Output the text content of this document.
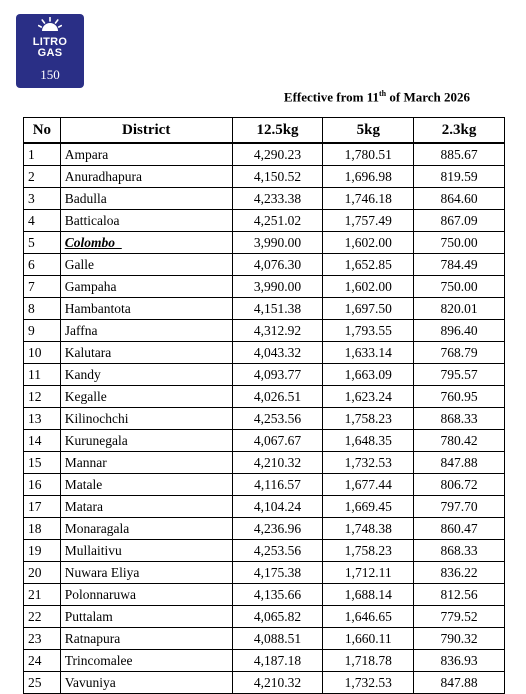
LITRO
GAS
150
Effective from 11th of March 2026
No	District	12.5kg	5kg	2.3kg
1	Ampara	4,290.23	1,780.51	885.67
2	Anuradhapura	4,150.52	1,696.98	819.59
3	Badulla	4,233.38	1,746.18	864.60
4	Batticaloa	4,251.02	1,757.49	867.09
5	Colombo_	3,990.00	1,602.00	750.00
6	Galle	4,076.30	1,652.85	784.49
7	Gampaha	3,990.00	1,602.00	750.00
8	Hambantota	4,151.38	1,697.50	820.01
9	Jaffna	4,312.92	1,793.55	896.40
10	Kalutara	4,043.32	1,633.14	768.79
11	Kandy	4,093.77	1,663.09	795.57
12	Kegalle	4,026.51	1,623.24	760.95
13	Kilinochchi	4,253.56	1,758.23	868.33
14	Kurunegala	4,067.67	1,648.35	780.42
15	Mannar	4,210.32	1,732.53	847.88
16	Matale	4,116.57	1,677.44	806.72
17	Matara	4,104.24	1,669.45	797.70
18	Monaragala	4,236.96	1,748.38	860.47
19	Mullaitivu	4,253.56	1,758.23	868.33
20	Nuwara Eliya	4,175.38	1,712.11	836.22
21	Polonnaruwa	4,135.66	1,688.14	812.56
22	Puttalam	4,065.82	1,646.65	779.52
23	Ratnapura	4,088.51	1,660.11	790.32
24	Trincomalee	4,187.18	1,718.78	836.93
25	Vavuniya	4,210.32	1,732.53	847.88
